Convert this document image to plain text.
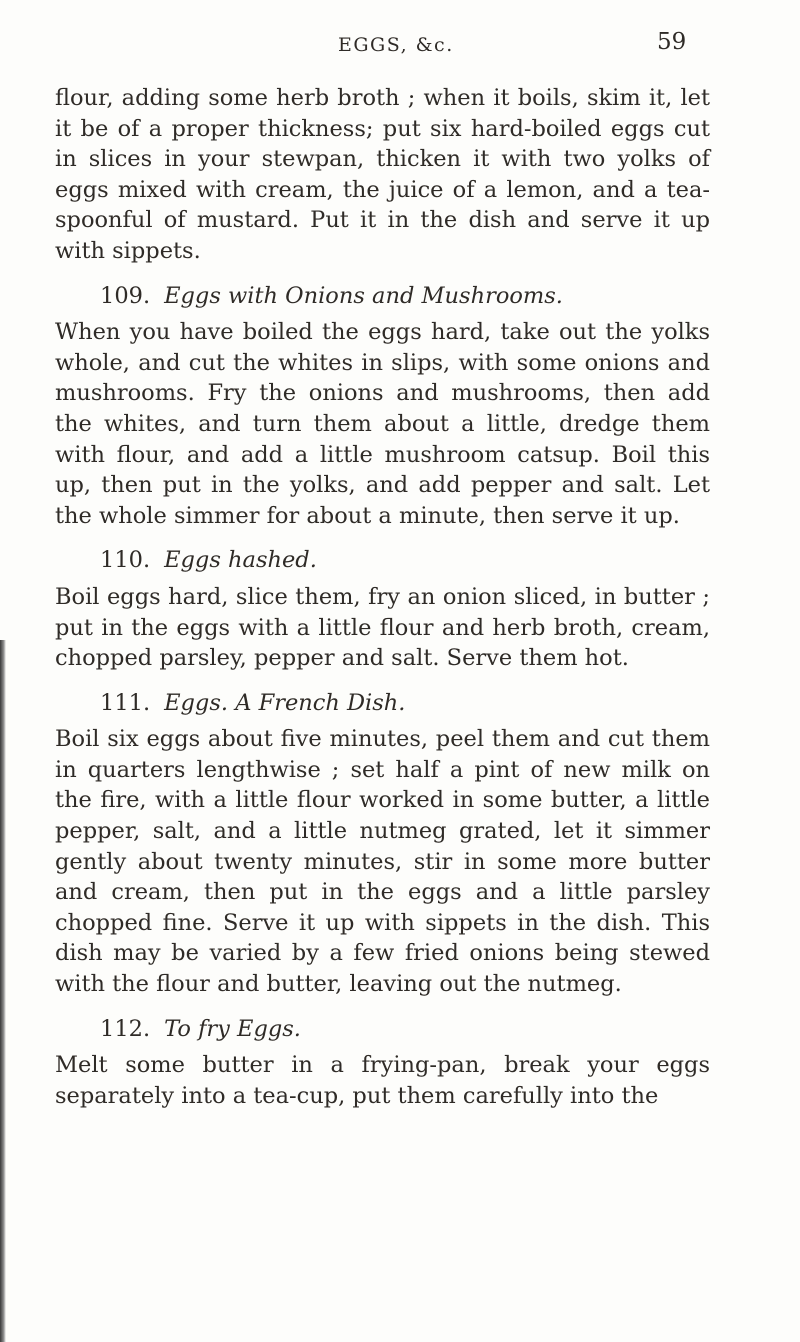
EGGS, &c.	59

flour, adding some herb broth ; when it boils, skim it, let it be of a proper thickness; put six hard-boiled eggs cut in slices in your stewpan, thicken it with two yolks of eggs mixed with cream, the juice of a lemon, and a tea-spoonful of mustard. Put it in the dish and serve it up with sippets.

109. Eggs with Onions and Mushrooms.

When you have boiled the eggs hard, take out the yolks whole, and cut the whites in slips, with some onions and mushrooms. Fry the onions and mushrooms, then add the whites, and turn them about a little, dredge them with flour, and add a little mushroom catsup. Boil this up, then put in the yolks, and add pepper and salt. Let the whole simmer for about a minute, then serve it up.

110. Eggs hashed.

Boil eggs hard, slice them, fry an onion sliced, in butter ; put in the eggs with a little flour and herb broth, cream, chopped parsley, pepper and salt. Serve them hot.

111. Eggs. A French Dish.

Boil six eggs about five minutes, peel them and cut them in quarters lengthwise ; set half a pint of new milk on the fire, with a little flour worked in some butter, a little pepper, salt, and a little nutmeg grated, let it simmer gently about twenty minutes, stir in some more butter and cream, then put in the eggs and a little parsley chopped fine. Serve it up with sippets in the dish. This dish may be varied by a few fried onions being stewed with the flour and butter, leaving out the nutmeg.

112. To fry Eggs.

Melt some butter in a frying-pan, break your eggs separately into a tea-cup, put them carefully into the
